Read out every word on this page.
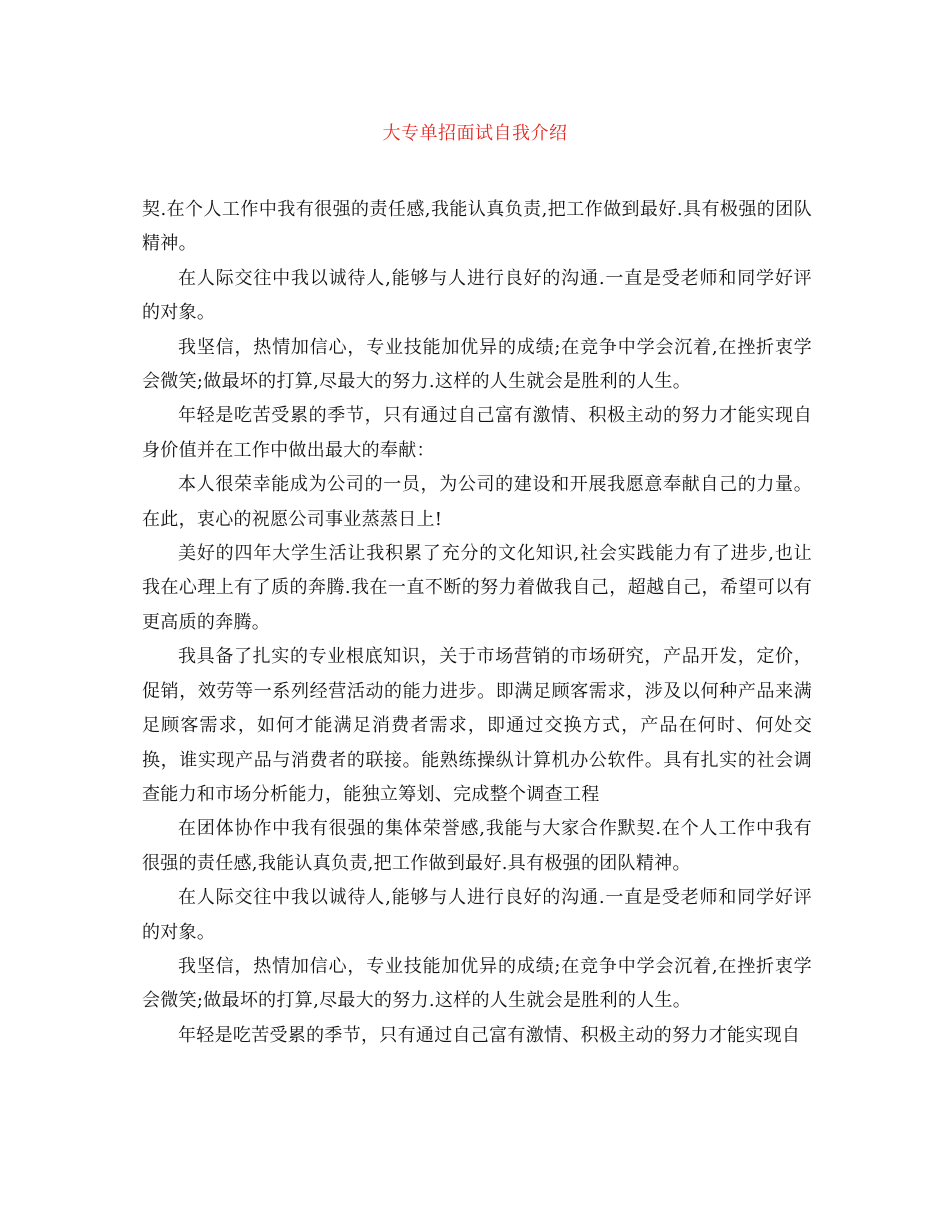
大专单招面试自我介绍

契.在个人工作中我有很强的责任感,我能认真负责,把工作做到最好.具有极强的团队精神。

在人际交往中我以诚待人,能够与人进行良好的沟通.一直是受老师和同学好评的对象。

我坚信，热情加信心，专业技能加优异的成绩;在竞争中学会沉着,在挫折衷学会微笑;做最坏的打算,尽最大的努力.这样的人生就会是胜利的人生。

年轻是吃苦受累的季节，只有通过自己富有激情、积极主动的努力才能实现自身价值并在工作中做出最大的奉献：

本人很荣幸能成为公司的一员，为公司的建设和开展我愿意奉献自己的力量。在此，衷心的祝愿公司事业蒸蒸日上!

美好的四年大学生活让我积累了充分的文化知识,社会实践能力有了进步,也让我在心理上有了质的奔腾.我在一直不断的努力着做我自己，超越自己，希望可以有更高质的奔腾。

我具备了扎实的专业根底知识，关于市场营销的市场研究，产品开发，定价，促销，效劳等一系列经营活动的能力进步。即满足顾客需求，涉及以何种产品来满足顾客需求，如何才能满足消费者需求，即通过交换方式，产品在何时、何处交换，谁实现产品与消费者的联接。能熟练操纵计算机办公软件。具有扎实的社会调查能力和市场分析能力，能独立筹划、完成整个调查工程

在团体协作中我有很强的集体荣誉感,我能与大家合作默契.在个人工作中我有很强的责任感,我能认真负责,把工作做到最好.具有极强的团队精神。

在人际交往中我以诚待人,能够与人进行良好的沟通.一直是受老师和同学好评的对象。

我坚信，热情加信心，专业技能加优异的成绩;在竞争中学会沉着,在挫折衷学会微笑;做最坏的打算,尽最大的努力.这样的人生就会是胜利的人生。

年轻是吃苦受累的季节，只有通过自己富有激情、积极主动的努力才能实现自
